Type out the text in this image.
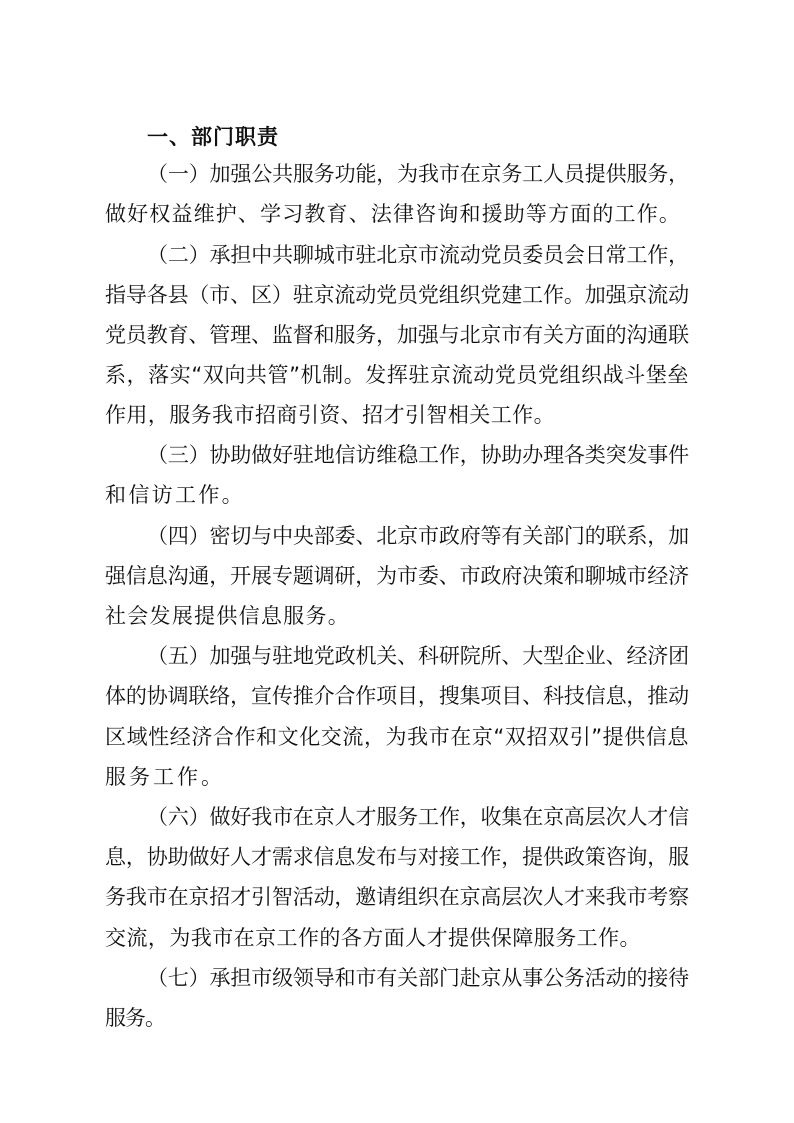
一、部门职责

（一）加强公共服务功能，为我市在京务工人员提供服务，

做好权益维护、学习教育、法律咨询和援助等方面的工作。

（二）承担中共聊城市驻北京市流动党员委员会日常工作，

指导各县（市、区）驻京流动党员党组织党建工作。加强京流动

党员教育、管理、监督和服务，加强与北京市有关方面的沟通联

系，落实“双向共管”机制。发挥驻京流动党员党组织战斗堡垒

作用，服务我市招商引资、招才引智相关工作。

（三）协助做好驻地信访维稳工作，协助办理各类突发事件

和信访工作。

（四）密切与中央部委、北京市政府等有关部门的联系，加

强信息沟通，开展专题调研，为市委、市政府决策和聊城市经济

社会发展提供信息服务。

（五）加强与驻地党政机关、科研院所、大型企业、经济团

体的协调联络，宣传推介合作项目，搜集项目、科技信息，推动

区域性经济合作和文化交流，为我市在京“双招双引”提供信息

服务工作。

（六）做好我市在京人才服务工作，收集在京高层次人才信

息，协助做好人才需求信息发布与对接工作，提供政策咨询，服

务我市在京招才引智活动，邀请组织在京高层次人才来我市考察

交流，为我市在京工作的各方面人才提供保障服务工作。

（七）承担市级领导和市有关部门赴京从事公务活动的接待

服务。
